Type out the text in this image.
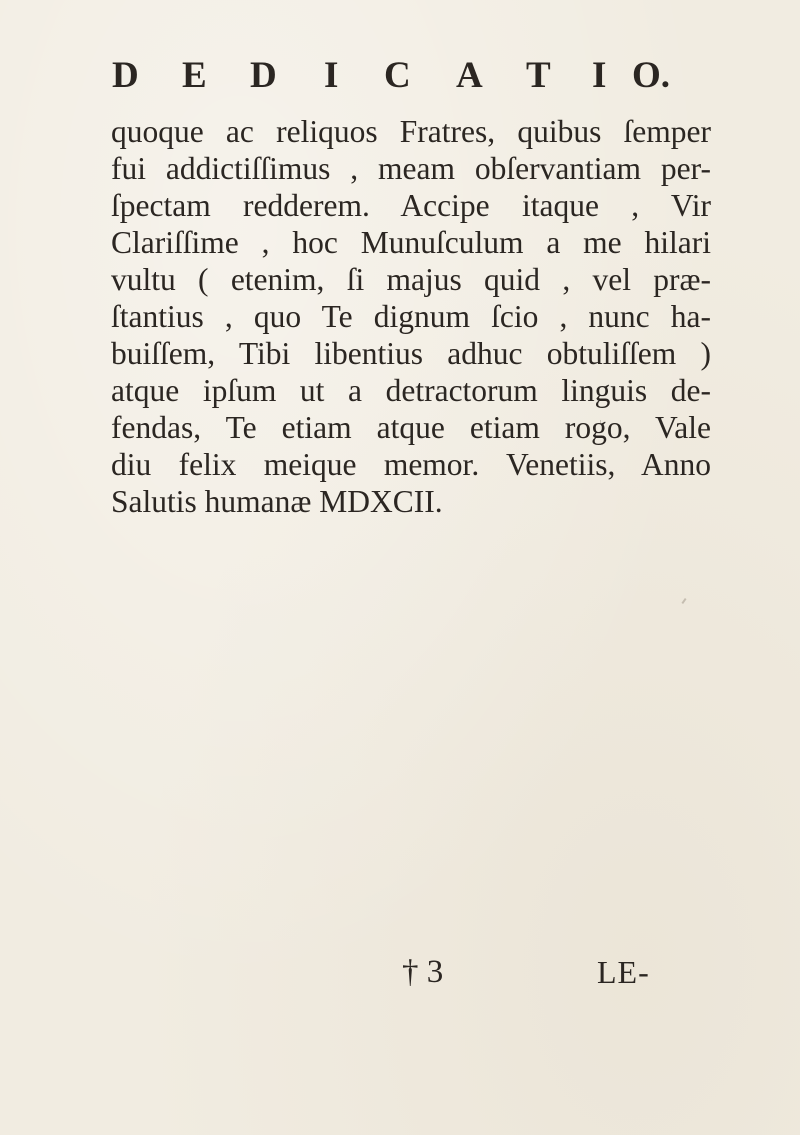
D E D I C A T I O.
quoque ac reliquos Fratres, quibus ſemper
fui addictiſſimus , meam obſervantiam per-
ſpectam redderem. Accipe itaque , Vir
Clariſſime , hoc Munuſculum a me hilari
vultu ( etenim, ſi majus quid , vel præ-
ſtantius , quo Te dignum ſcio , nunc ha-
buiſſem, Tibi libentius adhuc obtuliſſem )
atque ipſum ut a detractorum linguis de-
fendas, Te etiam atque etiam rogo, Vale
diu felix meique memor. Venetiis, Anno
Salutis humanæ MDXCII.
† 3	LE-
